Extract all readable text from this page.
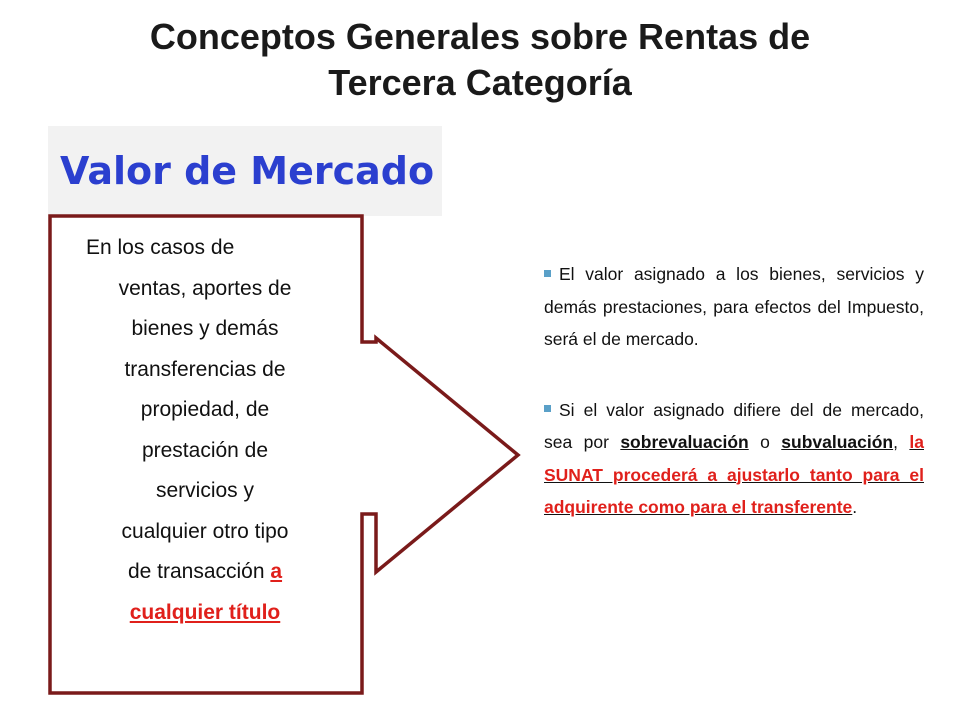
Conceptos Generales sobre Rentas de
Tercera Categoría
Valor de Mercado
En los casos de
ventas, aportes de
bienes y demás
transferencias de
propiedad, de
prestación de
servicios y
cualquier otro tipo
de transacción a
cualquier título

El valor asignado a los bienes, servicios y demás prestaciones, para efectos del Impuesto, será el de mercado.

Si el valor asignado difiere del de mercado, sea por sobrevaluación o subvaluación, la SUNAT procederá a ajustarlo tanto para el adquirente como para el transferente.
